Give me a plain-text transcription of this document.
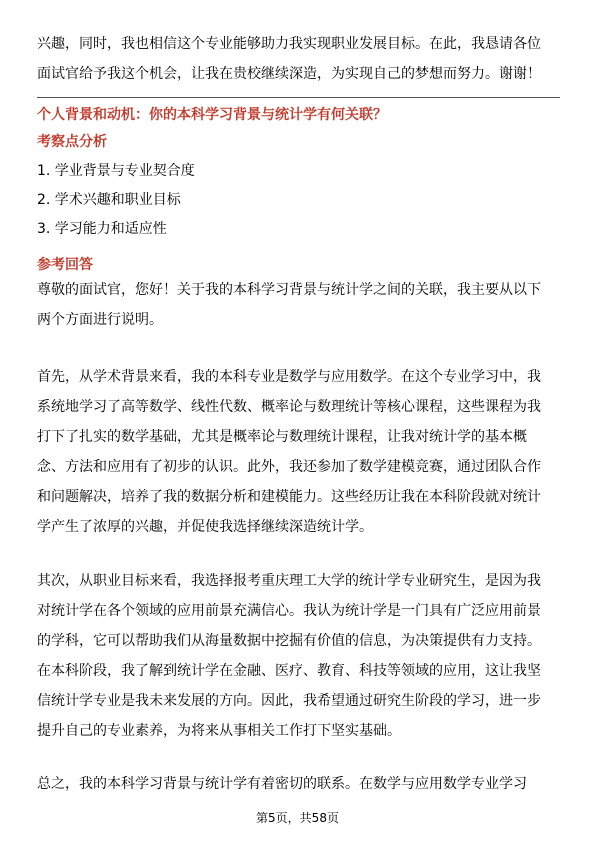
兴趣，同时，我也相信这个专业能够助力我实现职业发展目标。在此，我恳请各位
面试官给予我这个机会，让我在贵校继续深造，为实现自己的梦想而努力。谢谢！
个人背景和动机：你的本科学习背景与统计学有何关联？
考察点分析
1. 学业背景与专业契合度
2. 学术兴趣和职业目标
3. 学习能力和适应性
参考回答
尊敬的面试官，您好！关于我的本科学习背景与统计学之间的关联，我主要从以下
两个方面进行说明。
首先，从学术背景来看，我的本科专业是数学与应用数学。在这个专业学习中，我
系统地学习了高等数学、线性代数、概率论与数理统计等核心课程，这些课程为我
打下了扎实的数学基础，尤其是概率论与数理统计课程，让我对统计学的基本概
念、方法和应用有了初步的认识。此外，我还参加了数学建模竞赛，通过团队合作
和问题解决，培养了我的数据分析和建模能力。这些经历让我在本科阶段就对统计
学产生了浓厚的兴趣，并促使我选择继续深造统计学。
其次，从职业目标来看，我选择报考重庆理工大学的统计学专业研究生，是因为我
对统计学在各个领域的应用前景充满信心。我认为统计学是一门具有广泛应用前景
的学科，它可以帮助我们从海量数据中挖掘有价值的信息，为决策提供有力支持。
在本科阶段，我了解到统计学在金融、医疗、教育、科技等领域的应用，这让我坚
信统计学专业是我未来发展的方向。因此，我希望通过研究生阶段的学习，进一步
提升自己的专业素养，为将来从事相关工作打下坚实基础。
总之，我的本科学习背景与统计学有着密切的联系。在数学与应用数学专业学习
第5页，共58页
